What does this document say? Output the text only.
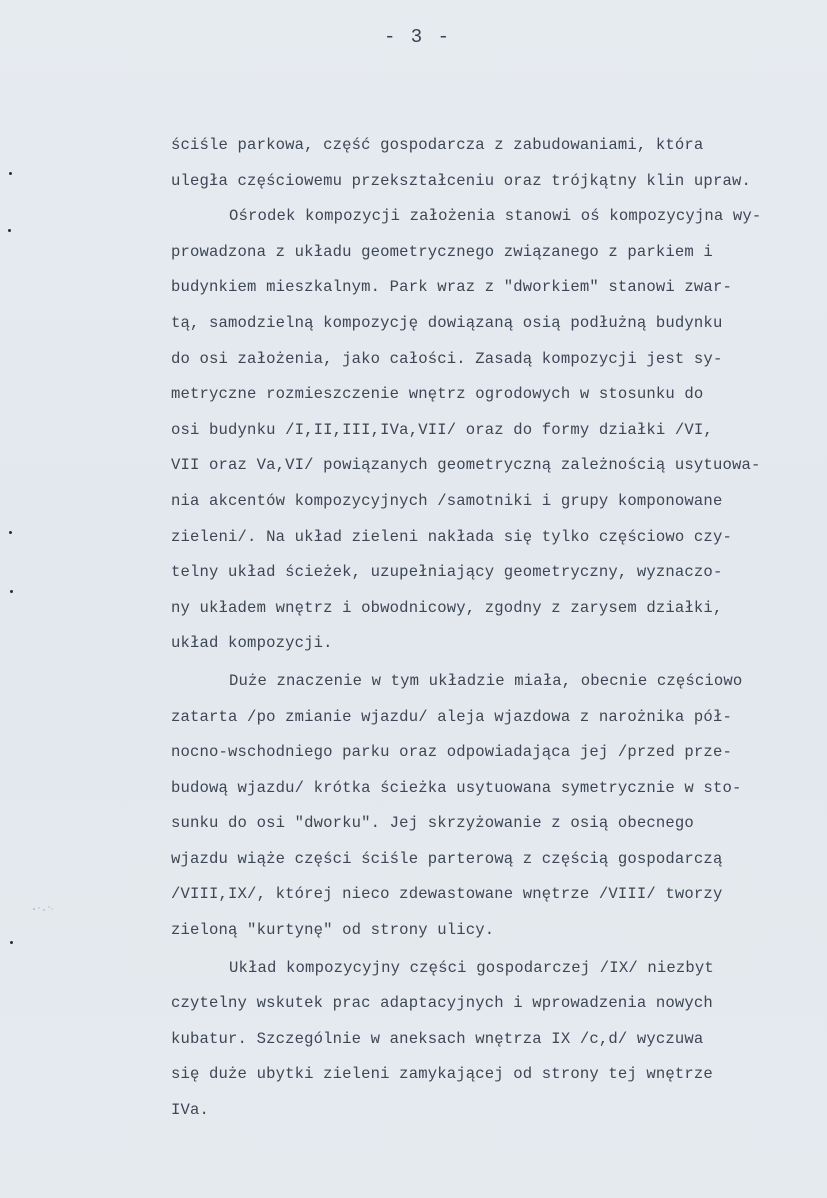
- 3 -
ściśle parkowa, część gospodarcza z zabudowaniami, która
uległa częściowemu przekształceniu oraz trójkątny klin upraw.
Ośrodek kompozycji założenia stanowi oś kompozycyjna wy-
prowadzona z układu geometrycznego związanego z parkiem i
budynkiem mieszkalnym. Park wraz z "dworkiem" stanowi zwar-
tą, samodzielną kompozycję dowiązaną osią podłużną budynku
do osi założenia, jako całości. Zasadą kompozycji jest sy-
metryczne rozmieszczenie wnętrz ogrodowych w stosunku do
osi budynku /I,II,III,IVa,VII/ oraz do formy działki /VI,
VII oraz Va,VI/ powiązanych geometryczną zależnością usytuowa-
nia akcentów kompozycyjnych /samotniki i grupy komponowane
zieleni/. Na układ zieleni nakłada się tylko częściowo czy-
telny układ ścieżek, uzupełniający geometryczny, wyznaczo-
ny układem wnętrz i obwodnicowy, zgodny z zarysem działki,
układ kompozycji.
Duże znaczenie w tym układzie miała, obecnie częściowo
zatarta /po zmianie wjazdu/ aleja wjazdowa z narożnika pół-
nocno-wschodniego parku oraz odpowiadająca jej /przed prze-
budową wjazdu/ krótka ścieżka usytuowana symetrycznie w sto-
sunku do osi "dworku". Jej skrzyżowanie z osią obecnego
wjazdu wiąże części ściśle parterową z częścią gospodarczą
/VIII,IX/, której nieco zdewastowane wnętrze /VIII/ tworzy
zieloną "kurtynę" od strony ulicy.
Układ kompozycyjny części gospodarczej /IX/ niezbyt
czytelny wskutek prac adaptacyjnych i wprowadzenia nowych
kubatur. Szczególnie w aneksach wnętrza IX /c,d/ wyczuwa
się duże ubytki zieleni zamykającej od strony tej wnętrze
IVa.
